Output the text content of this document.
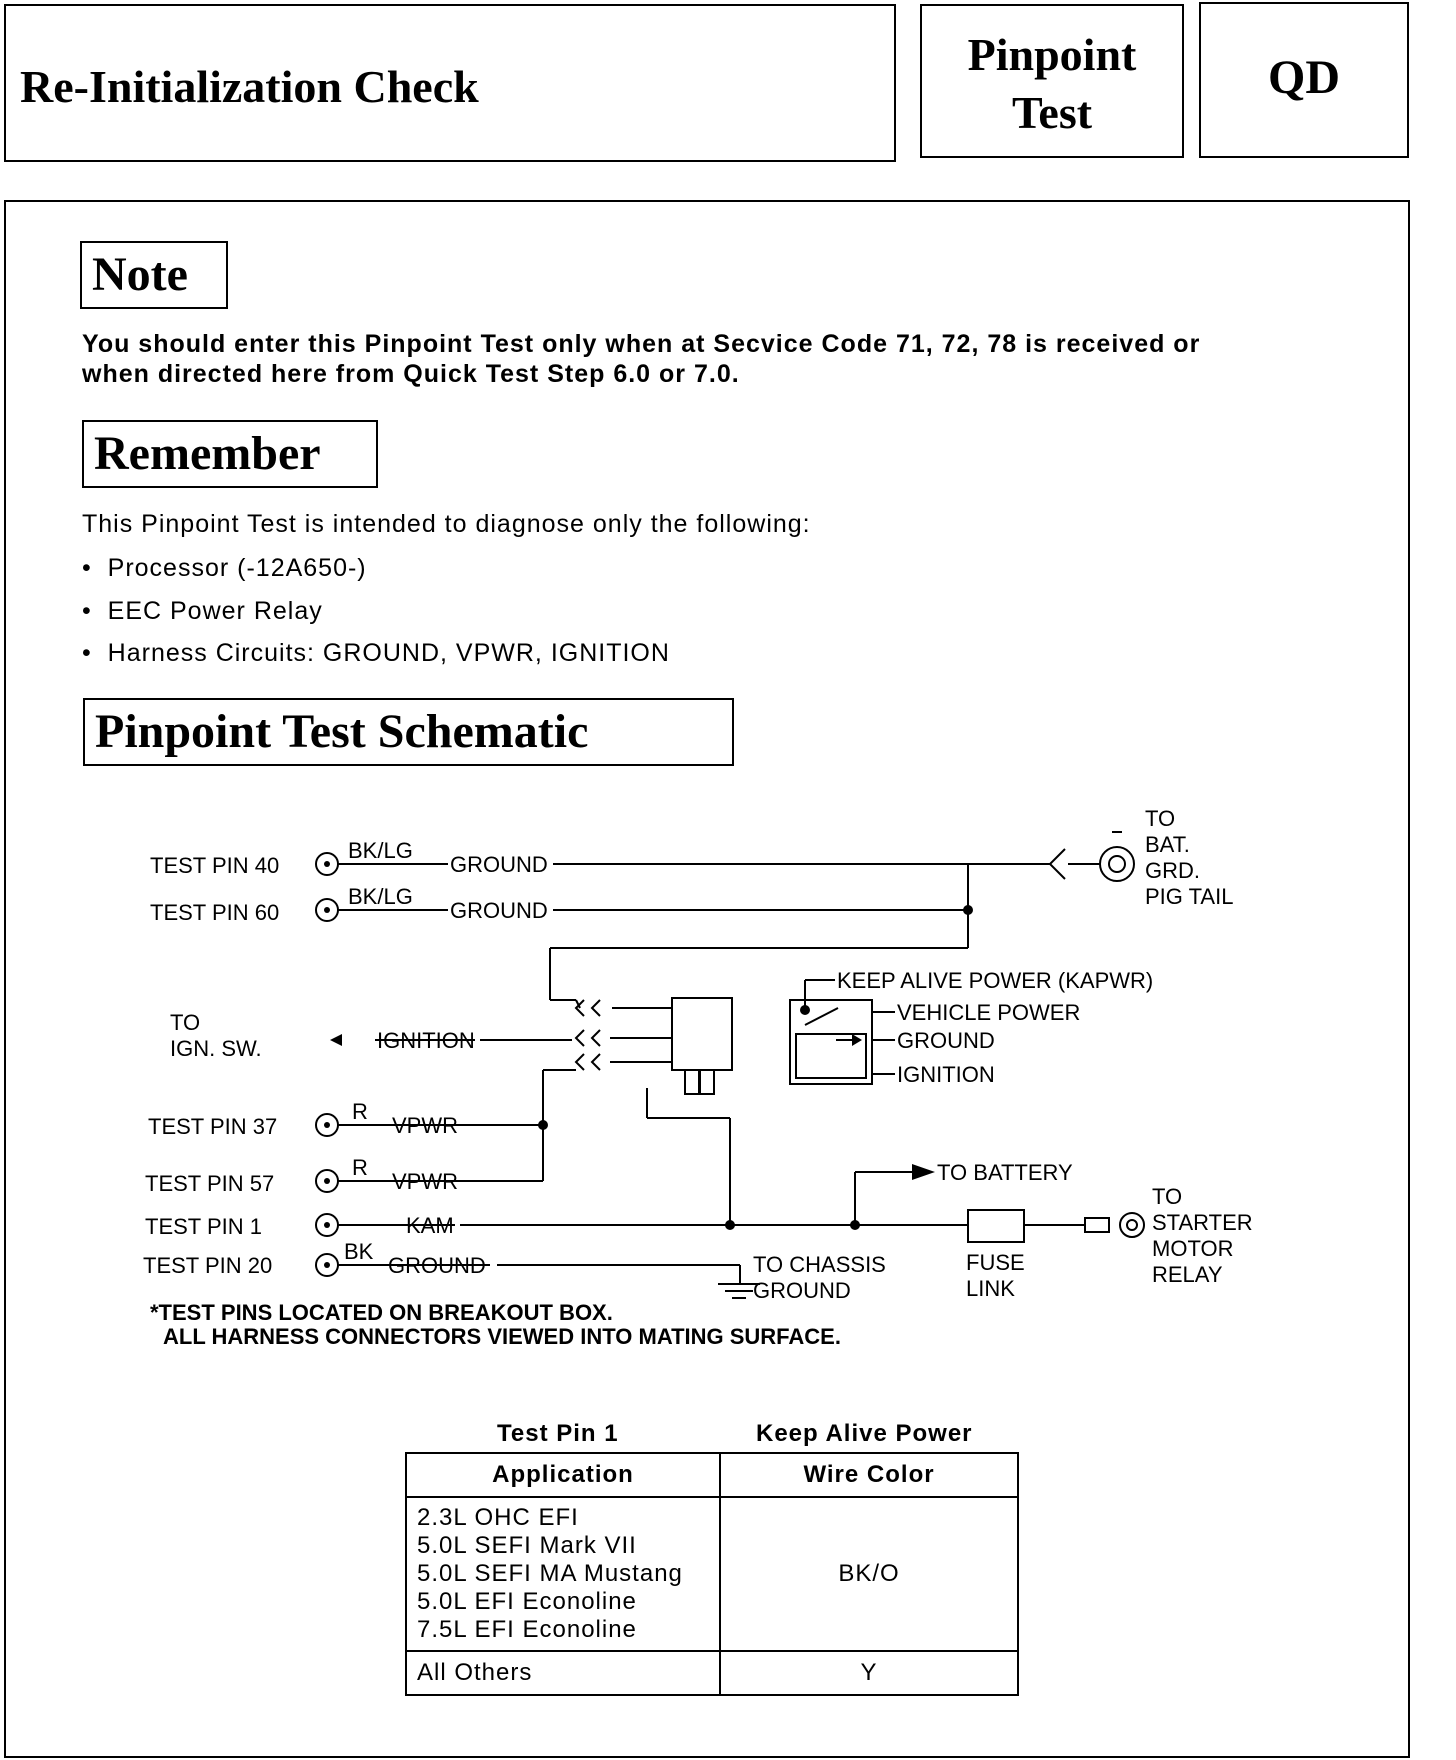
Re-Initialization Check
Pinpoint
Test
QD
Note
You should enter this Pinpoint Test only when at Secvice Code 71, 72, 78 is received or
when directed here from Quick Test Step 6.0 or 7.0.
Remember
This Pinpoint Test is intended to diagnose only the following:
•  Processor (-12A650-)
•  EEC Power Relay
•  Harness Circuits: GROUND, VPWR, IGNITION
Pinpoint Test Schematic
TEST PIN 40
TEST PIN 60
TEST PIN 37
TEST PIN 57
TEST PIN 1
TEST PIN 20
BK/LG
BK/LG
R
R
BK
GROUND
GROUND
VPWR
VPWR
KAM
GROUND
TO
IGN. SW.	IGNITION
TO
BAT.
GRD.
PIG TAIL
KEEP ALIVE POWER (KAPWR)
VEHICLE POWER
GROUND
IGNITION
TO BATTERY
TO
STARTER
MOTOR
RELAY
FUSE
LINK
TO CHASSIS
GROUND
*TEST PINS LOCATED ON BREAKOUT BOX.
ALL HARNESS CONNECTORS VIEWED INTO MATING SURFACE.
Test Pin 1	Keep Alive Power
Application	Wire Color

2.3L OHC EFI
5.0L SEFI Mark VII
5.0L SEFI MA Mustang
5.0L EFI Econoline
7.5L EFI Econoline	BK/O
All Others	Y
